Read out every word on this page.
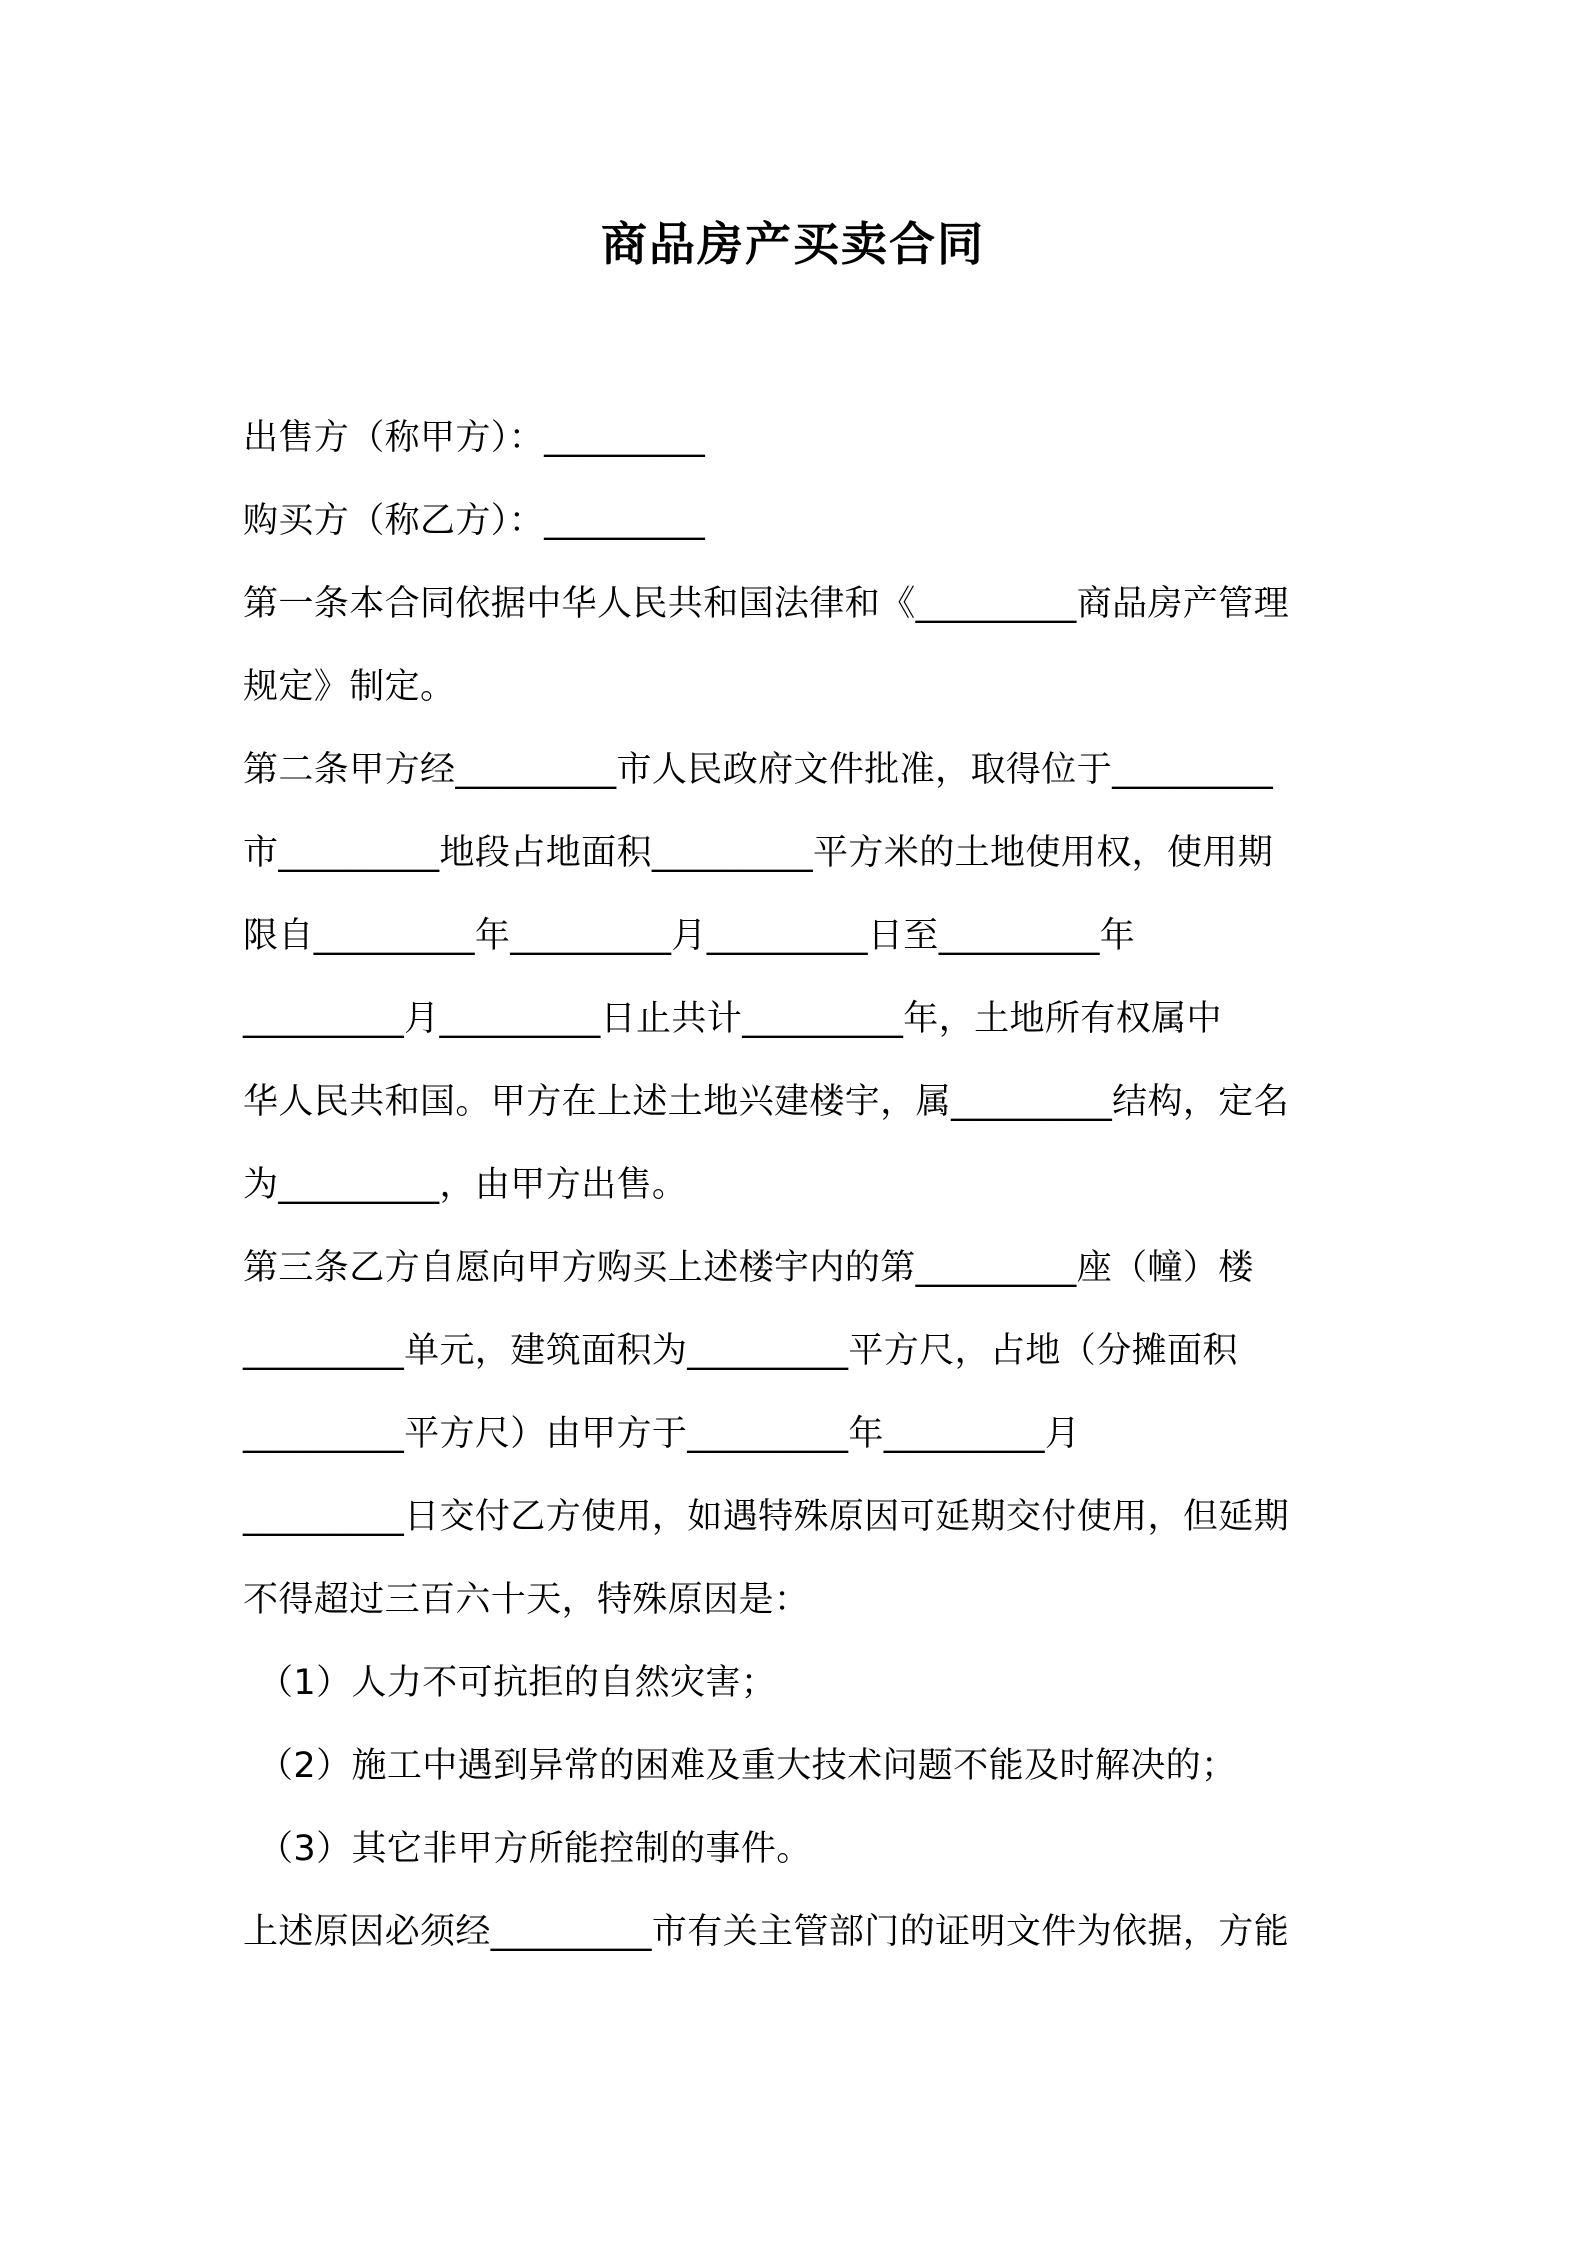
商品房产买卖合同
出售方（称甲方）：_________
购买方（称乙方）：_________
第一条本合同依据中华人民共和国法律和《_________商品房产管理
规定》制定。
第二条甲方经_________市人民政府文件批准，取得位于_________
市_________地段占地面积_________平方米的土地使用权，使用期
限自_________年_________月_________日至_________年
_________月_________日止共计_________年，土地所有权属中
华人民共和国。甲方在上述土地兴建楼宇，属_________结构，定名
为_________，由甲方出售。
第三条乙方自愿向甲方购买上述楼宇内的第_________座（幢）楼
_________单元，建筑面积为_________平方尺，占地（分摊面积
_________平方尺）由甲方于_________年_________月
_________日交付乙方使用，如遇特殊原因可延期交付使用，但延期
不得超过三百六十天，特殊原因是：
（1）人力不可抗拒的自然灾害；
（2）施工中遇到异常的困难及重大技术问题不能及时解决的；
（3）其它非甲方所能控制的事件。
上述原因必须经_________市有关主管部门的证明文件为依据，方能
